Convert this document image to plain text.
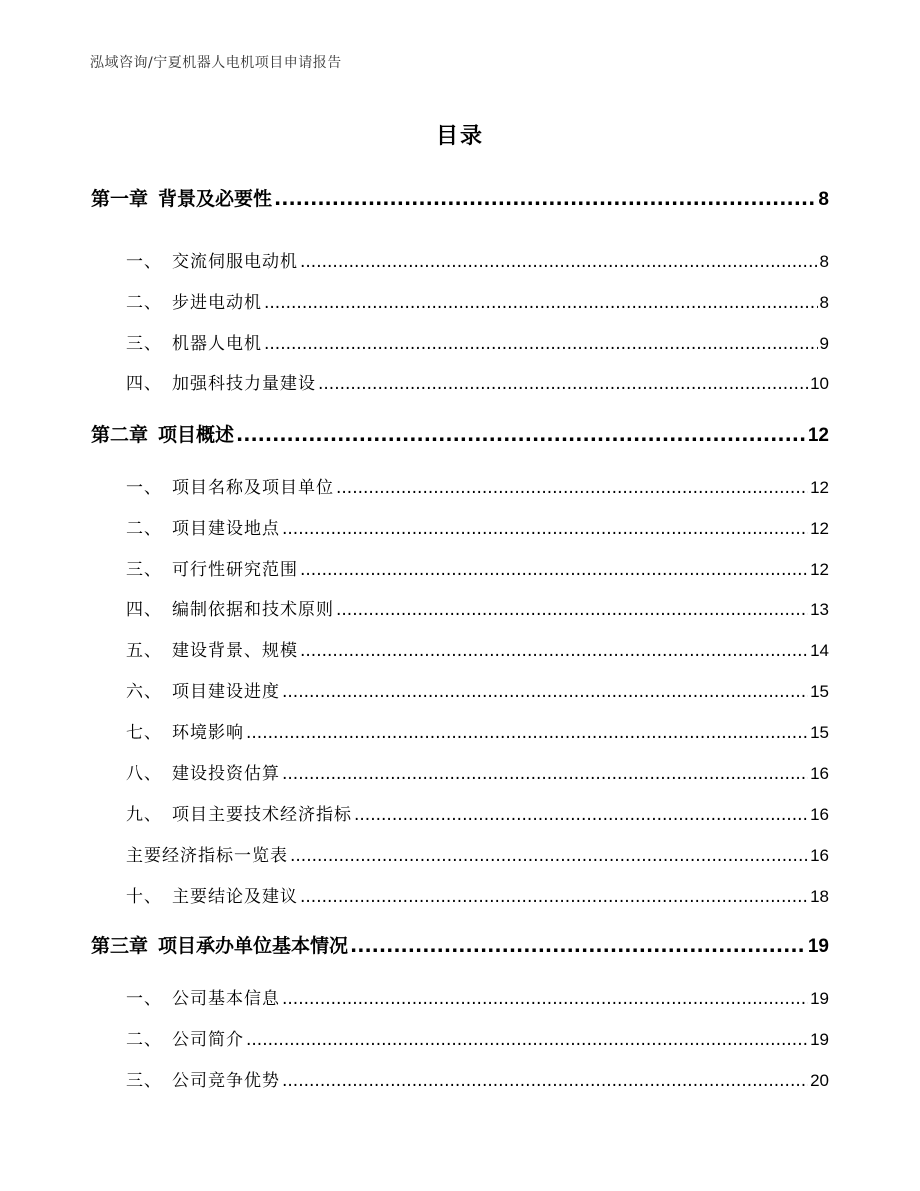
泓域咨询/宁夏机器人电机项目申请报告
目录
第一章 背景及必要性 .....	8
一、 交流伺服电动机 .....	8
二、 步进电动机 .....	8
三、 机器人电机 .....	9
四、 加强科技力量建设 .....	10
第二章 项目概述 .....	12
一、 项目名称及项目单位 .....	12
二、 项目建设地点 .....	12
三、 可行性研究范围 .....	12
四、 编制依据和技术原则 .....	13
五、 建设背景、规模 .....	14
六、 项目建设进度 .....	15
七、 环境影响 .....	15
八、 建设投资估算 .....	16
九、 项目主要技术经济指标 .....	16
主要经济指标一览表 .....	16
十、 主要结论及建议 .....	18
第三章 项目承办单位基本情况 .....	19
一、 公司基本信息 .....	19
二、 公司简介 .....	19
三、 公司竞争优势 .....	20
